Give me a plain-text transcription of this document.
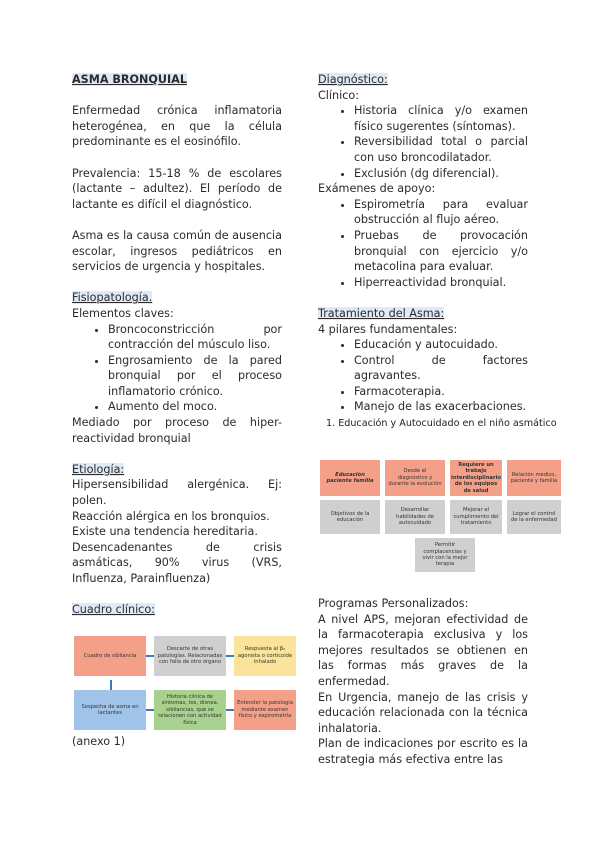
ASMA BRONQUIAL

Enfermedad crónica inflamatoria heterogénea, en que la célula predominante es el eosinófilo.

Prevalencia: 15-18 % de escolares (lactante – adultez). El período de lactante es difícil el diagnóstico.

Asma es la causa común de ausencia escolar, ingresos pediátricos en servicios de urgencia y hospitales.

Fisiopatología.

Elementos claves:

• Broncoconstricción por contracción del músculo liso.
• Engrosamiento de la pared bronquial por el proceso inflamatorio crónico.
• Aumento del moco.

Mediado por proceso de hiper-reactividad bronquial

Etiología:

Hipersensibilidad alergénica. Ej: polen.

Reacción alérgica en los bronquios.

Existe una tendencia hereditaria.

Desencadenantes de crisis asmáticas, 90% virus (VRS, Influenza, Parainfluenza)

Cuadro clínico:

Cuadro de sibilancia
Descarte de otras patologías. Relacionadas con falla de otro órgano
Respuesta al β₂ agonista o corticoide inhalado
Sospecha de asma en lactantes
Historia clínica de síntomas, tos, disnea, sibilancias, que se relacionen con actividad física
Entender la patología mediante examen físico y espirometría

(anexo 1)

Diagnóstico:

Clínico:

• Historia clínica y/o examen físico sugerentes (síntomas).
• Reversibilidad total o parcial con uso broncodilatador.
• Exclusión (dg diferencial).

Exámenes de apoyo:

• Espirometría para evaluar obstrucción al flujo aéreo.
• Pruebas de provocación bronquial con ejercicio y/o metacolina para evaluar.
• Hiperreactividad bronquial.

Tratamiento del Asma:

4 pilares fundamentales:

• Educación y autocuidado.
• Control de factores agravantes.
• Farmacoterapia.
• Manejo de las exacerbaciones.
1. Educación y Autocuidado en el niño asmático
Educación paciente familia
Desde el diagnóstico y durante la evolución
Requiere un trabajo interdisciplinario de los equipos de salud
Relación médico, paciente y familia
Objetivos de la educación
Desarrollar habilidades de autocuidado
Mejorar el cumplimiento del tratamiento
Lograr el control de la enfermedad
Permitir complacencias y vivir con la mejor terapia

Programas Personalizados:

A nivel APS, mejoran efectividad de la farmacoterapia exclusiva y los mejores resultados se obtienen en las formas más graves de la enfermedad.

En Urgencia, manejo de las crisis y educación relacionada con la técnica inhalatoria.

Plan de indicaciones por escrito es la estrategia más efectiva entre las
